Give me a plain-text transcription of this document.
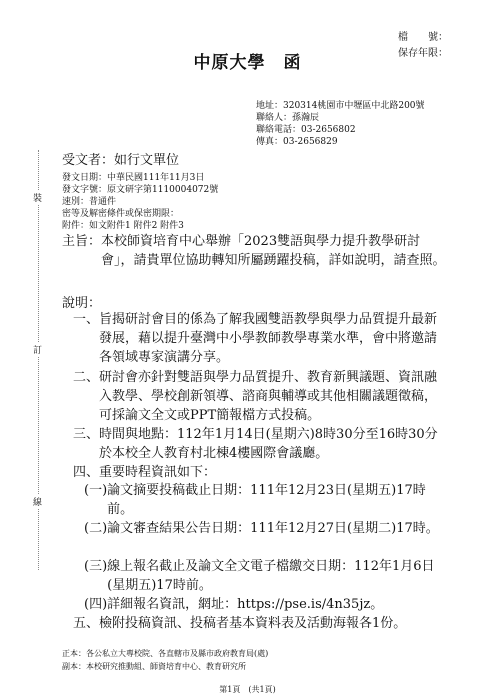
檔　　號：
保存年限：
中原大學 函
地址：320314桃園市中壢區中北路200號
聯絡人：孫瀚辰
聯絡電話：03-2656802
傳真：03-2656829
受文者：如行文單位
發文日期：中華民國111年11月3日
發文字號：原文研字第1110004072號
速別：普通件
密等及解密條件或保密期限：
附件：如文附件1 附件2 附件3
裝
訂
線
主旨： 本校師資培育中心舉辦「2023雙語與學力提升教學研討會」，請貴單位協助轉知所屬踴躍投稿，詳如說明，請查照。
說明：
一、 旨揭研討會目的係為了解我國雙語教學與學力品質提升最新發展，藉以提升臺灣中小學教師教學專業水準，會中將邀請各領域專家演講分享。
二、 研討會亦針對雙語與學力品質提升、教育新興議題、資訊融入教學、學校創新領導、諮商與輔導或其他相關議題徵稿，可採論文全文或PPT簡報檔方式投稿。
三、 時間與地點：112年1月14日(星期六)8時30分至16時30分於本校全人教育村北棟4樓國際會議廳。
四、 重要時程資訊如下：
(一) 論文摘要投稿截止日期：111年12月23日(星期五)17時前。
(二) 論文審查結果公告日期：111年12月27日(星期二)17時。
(三) 線上報名截止及論文全文電子檔繳交日期：112年1月6日(星期五)17時前。
(四) 詳細報名資訊，網址：https://pse.is/4n35jz。
五、 檢附投稿資訊、投稿者基本資料表及活動海報各1份。
正本：各公私立大專校院、各直轄市及縣市政府教育局(處)
副本：本校研究推動組、師資培育中心、教育研究所
第1頁　(共1頁)
